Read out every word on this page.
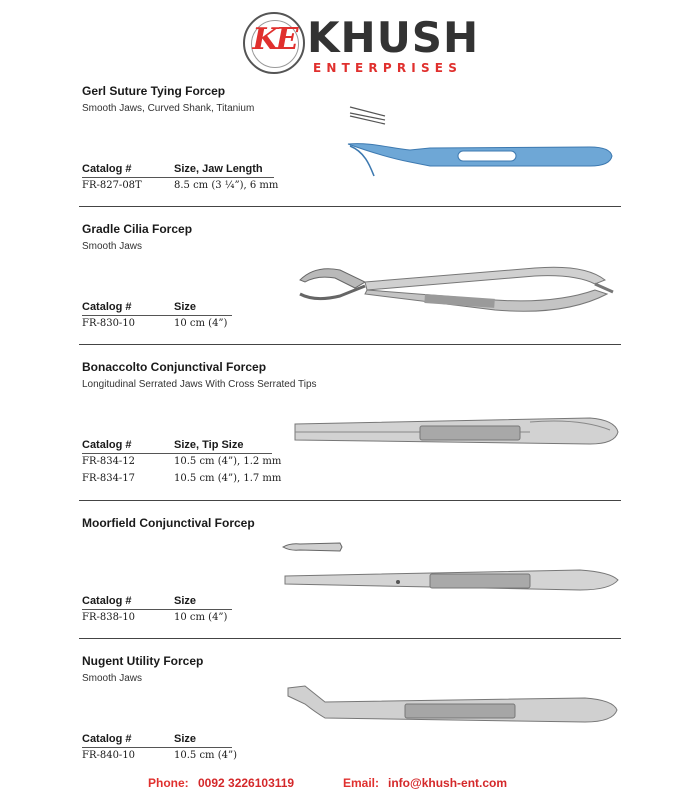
KE KHUSH
ENTERPRISES
Gerl Suture Tying Forcep
Smooth Jaws, Curved Shank, Titanium
Catalog #	Size, Jaw Length
FR-827-08T	8.5 cm (3 ¼”), 6 mm
Gradle Cilia Forcep
Smooth Jaws
Catalog #	Size
FR-830-10	10 cm (4”)
Bonaccolto Conjunctival Forcep
Longitudinal Serrated Jaws With Cross Serrated Tips
Catalog #	Size, Tip Size
FR-834-12	10.5 cm (4”), 1.2 mm
FR-834-17	10.5 cm (4”), 1.7 mm
Moorfield Conjunctival Forcep
Catalog #	Size
FR-838-10	10 cm (4”)
Nugent Utility Forcep
Smooth Jaws
Catalog #	Size
FR-840-10	10.5 cm (4”)
Phone: 0092 3226103119	Email: info@khush-ent.com
